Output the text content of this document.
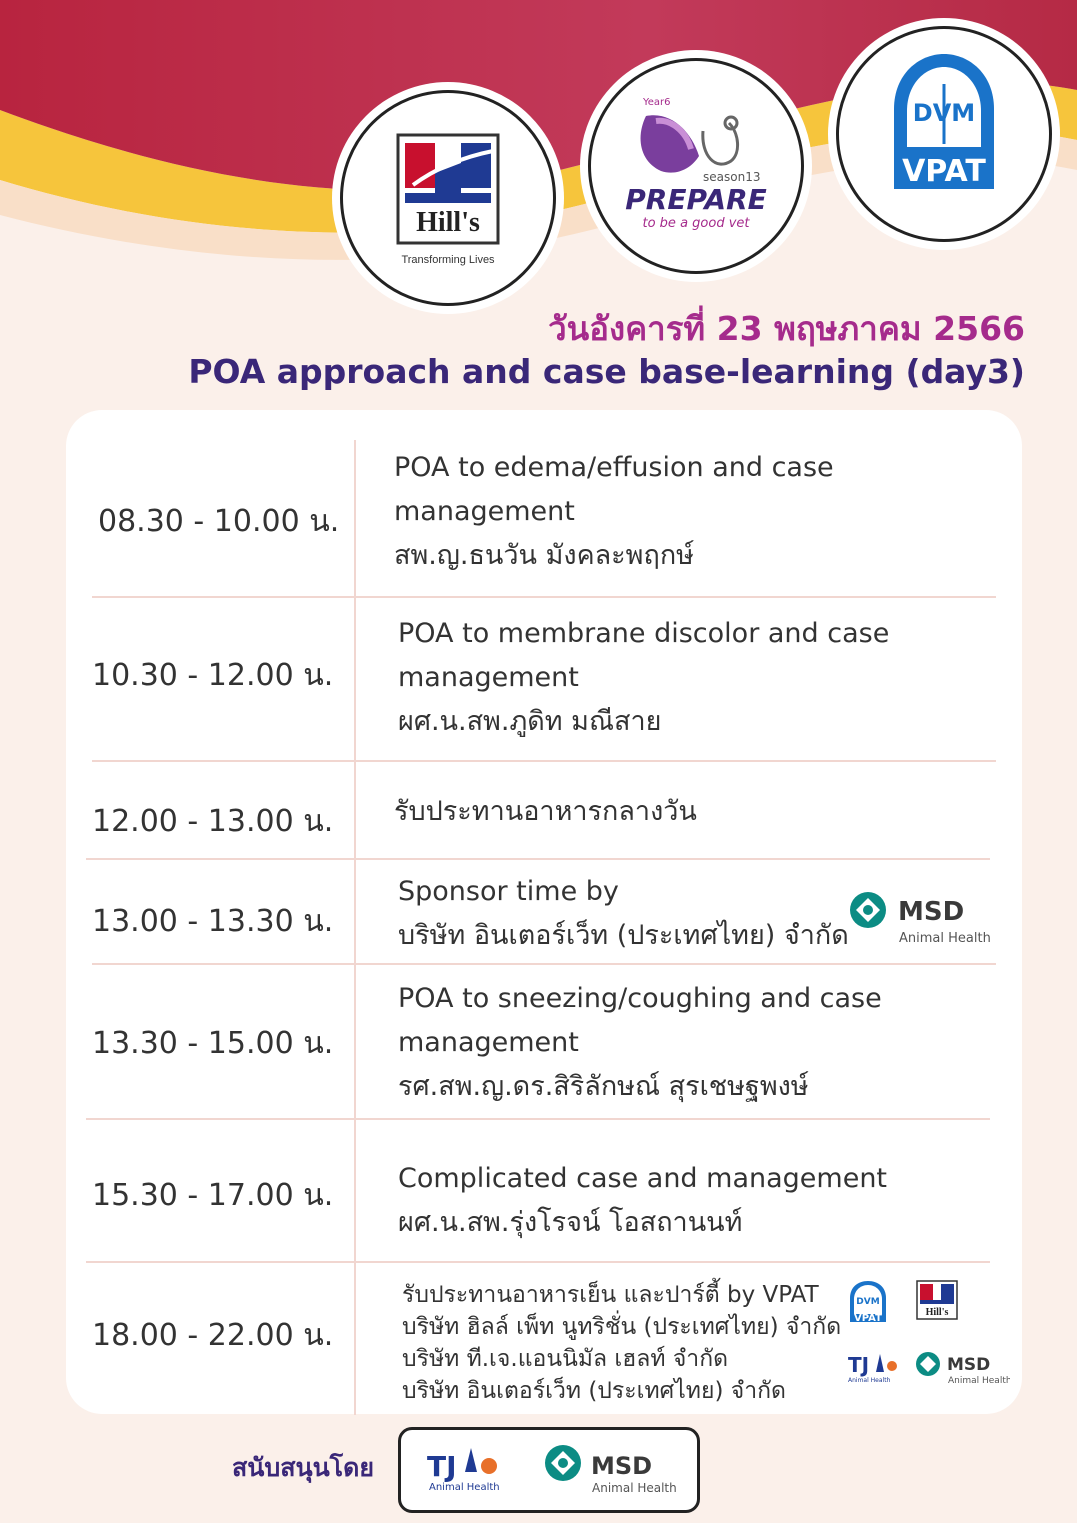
Hill's
Transforming Lives
Year6
season13
PREPARE
to be a good vet
DVM
VPAT
วันอังคารที่ 23 พฤษภาคม 2566
POA approach and case base-learning (day3)
08.30 - 10.00 น.
POA to edema/effusion and case
management
สพ.ญ.ธนวัน มังคละพฤกษ์
10.30 - 12.00 น.
POA to membrane discolor and case
management
ผศ.น.สพ.ภูดิท มณีสาย
12.00 - 13.00 น. รับประทานอาหารกลางวัน
13.00 - 13.30 น.
Sponsor time by
บริษัท อินเตอร์เว็ท (ประเทศไทย) จำกัด
MSD
Animal Health
13.30 - 15.00 น.
POA to sneezing/coughing and case
management
รศ.สพ.ญ.ดร.สิริลักษณ์ สุรเชษฐพงษ์
15.30 - 17.00 น. Complicated case and management
ผศ.น.สพ.รุ่งโรจน์ โอสถานนท์
18.00 - 22.00 น.
รับประทานอาหารเย็น และปาร์ตี้ by VPAT
บริษัท ฮิลล์ เพ็ท นูทริชั่น (ประเทศไทย) จำกัด
บริษัท ที.เจ.แอนนิมัล เฮลท์ จำกัด
บริษัท อินเตอร์เว็ท (ประเทศไทย) จำกัด
DVM
VPAT
Hill's
TJ
Animal Health
MSD
Animal Health
สนับสนุนโดย TJ
Animal Health
MSD
Animal Health
